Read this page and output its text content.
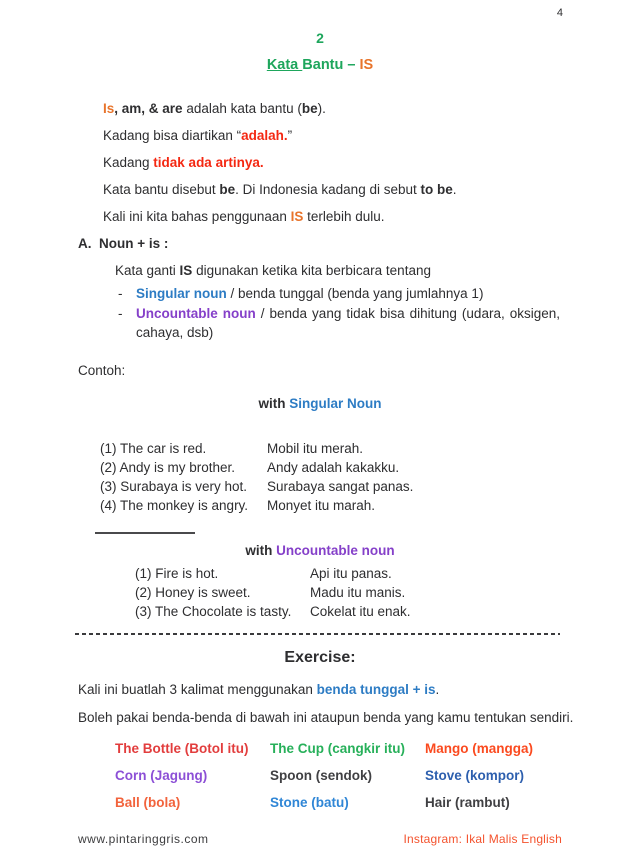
4
2
Kata Bantu – IS

Is, am, & are adalah kata bantu (be).

Kadang bisa diartikan “adalah.”

Kadang tidak ada artinya.

Kata bantu disebut be. Di Indonesia kadang di sebut to be.

Kali ini kita bahas penggunaan IS terlebih dulu.

A.  Noun + is :

Kata ganti IS digunakan ketika kita berbicara tentang

-	Singular noun / benda tunggal (benda yang jumlahnya 1)
-	Uncountable noun / benda yang tidak bisa dihitung (udara, oksigen, cahaya, dsb)

Contoh:

with Singular Noun

(1) The car is red.	Mobil itu merah.
(2) Andy is my brother.	Andy adalah kakakku.
(3) Surabaya is very hot.	Surabaya sangat panas.
(4) The monkey is angry.	Monyet itu marah.

with Uncountable noun

(1) Fire is hot.	Api itu panas.
(2) Honey is sweet.	Madu itu manis.
(3) The Chocolate is tasty.	Cokelat itu enak.

Exercise:

Kali ini buatlah 3 kalimat menggunakan benda tunggal + is.

Boleh pakai benda-benda di bawah ini ataupun benda yang kamu tentukan sendiri.

The Bottle (Botol itu)	The Cup (cangkir itu)	Mango (mangga)
Corn (Jagung)	Spoon (sendok)	Stove (kompor)
Ball (bola)	Stone (batu)	Hair (rambut)
www.pintaringgris.com	Instagram: Ikal Malis English
